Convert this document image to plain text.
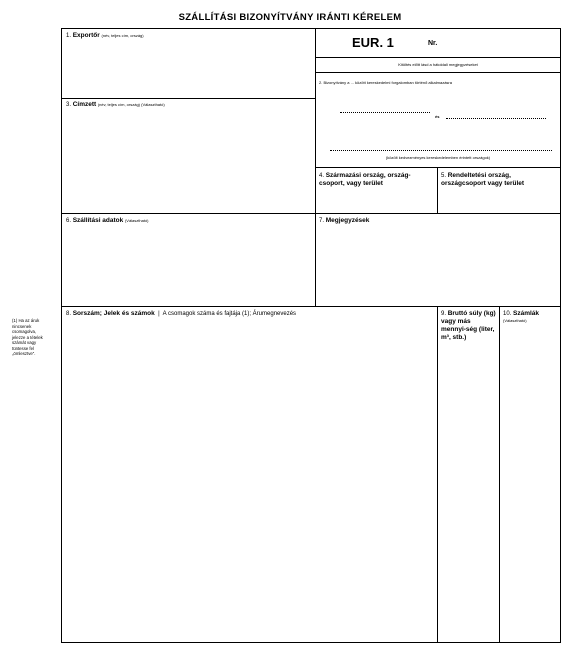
SZÁLLÍTÁSI BIZONYÍTVÁNY IRÁNTI KÉRELEM
1. Exportőr (név, teljes cím, ország)	EUR. 1	Nr.
Kitöltés előtt lásd a hátoldali megjegyzéseket
2. Bizonyítvány a ... között kereskedelmi forgalomban történő alkalmazásra
és
(közölt kedvezményes kereskedelemben érintett országok)
3. Címzett (név, teljes cím, ország) (Választható)
4. Származási ország, ország-csoport, vagy terület
5. Rendeltetési ország, országcsoport vagy terület
6. Szállítási adatok (Választható)	7. Megjegyzések
8. Sorszám; Jelek és számok | A csomagok száma és fajtája (1); Árumegnevezés	9. Bruttó súly (kg) vagy más mennyi-ség (liter, m³, stb.)
10. Számlák
(Választható)
(1) Ha az áruk nincsenek csomagolva, jelezze a tételek számát vagy tüntesse fel „ömlesztve”.
